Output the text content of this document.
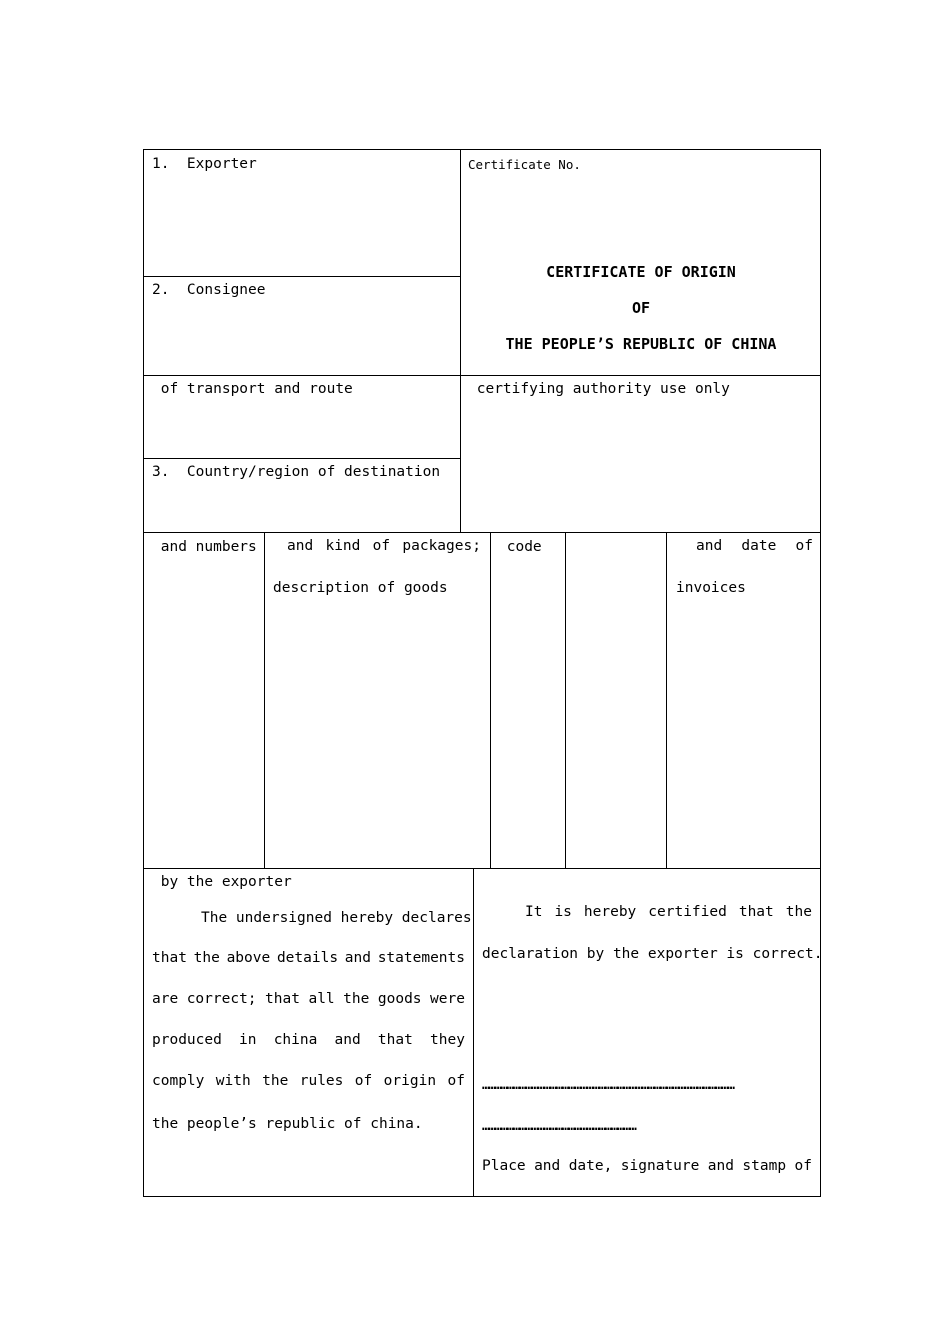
1.  Exporter
2.  Consignee
Certificate No.
CERTIFICATE OF ORIGIN
OF
THE PEOPLE’S REPUBLIC OF CHINA
of transport and route	certifying authority use only
3.  Country/region of destination
and numbers and kind of packages;
description of goods
code	and date of
invoices
by the exporter
The undersigned hereby declares
that the above details and statements
are correct; that all the goods were
produced in china and that they
comply with the rules of origin of
the people’s republic of china.
It is hereby certified that the
declaration by the exporter is correct.
……………………………………………………………………………………………………………
…………………………………………………………………
Place and date, signature and stamp of
